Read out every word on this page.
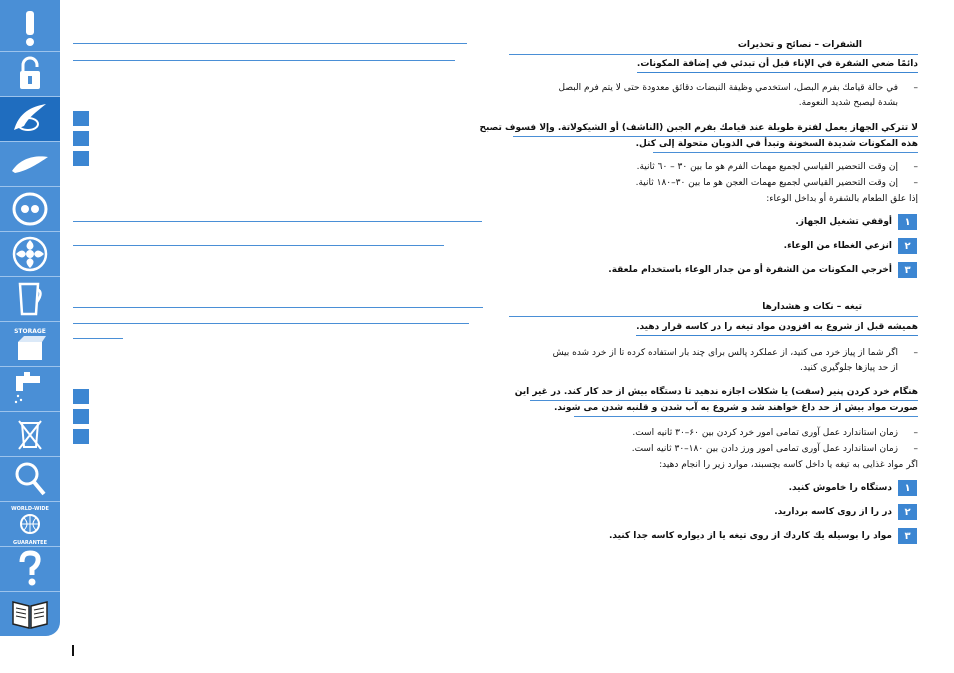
STORAGE
WORLD-WIDE
GUARANTEE
الشفرات – نصائح و تحذيرات
دائمًا ضعي الشفرة في الإناء قبل أن تبدئي في إضافة المكونات.
–
في حالة قيامك بفرم البصل، استخدمي وظيفة النبضات دقائق معدودة حتى لا يتم فرم البصل
بشدة ليصبح شديد النعومة.
لا تتركي الجهاز يعمل لفترة طويلة عند قيامك بفرم الجبن (الناشف) أو الشيكولاتة. وإلا فسوف تصبح
هذه المكونات شديدة السخونة وتبدأ في الذوبان متحولة إلى كتل.
–
إن وقت التحضير القياسي لجميع مهمات الفرم هو ما بين ٣٠ – ٦٠ ثانية.
–
إن وقت التحضير القياسي لجميع مهمات العجن هو ما بين ٣٠–١٨٠ ثانية.
إذا علق الطعام بالشفرة أو بداخل الوعاء:
١
أوقفي تشغيل الجهاز.
٢
انزعي الغطاء من الوعاء.
٣
أخرجي المكونات من الشفرة أو من جدار الوعاء باستخدام ملعقة.
تیغه – نکات و هشدارها
همیشه قبل از شروع به افزودن مواد تیغه را در کاسه قرار دهید.
–
اگر شما از پیاز خرد می کنید، از عملکرد پالس برای چند بار استفاده کرده تا از خرد شده بیش
از حد پیازها جلوگیری کنید.
هنگام خرد کردن پنیر (سفت) یا شکلات اجازه ندهید تا دستگاه بیش از حد کار کند. در غیر این
صورت مواد بیش از حد داغ خواهند شد و شروع به آب شدن و قلنبه شدن می شوند.
–
زمان استاندارد عمل آوری تمامی امور خرد کردن بین ۶۰–۳۰ ثانیه است.
–
زمان استاندارد عمل آوری تمامی امور ورز دادن بین ۱۸۰–۳۰ ثانیه است.
اگر مواد غذایی به تیغه یا داخل کاسه بچسبند، موارد زیر را انجام دهید:
۱
دستگاه را خاموش کنید.
۲
در را از روی کاسه بردارید.
۳
مواد را بوسیله یك كاردك از روی تیغه یا از دیواره كاسه جدا كنید.
